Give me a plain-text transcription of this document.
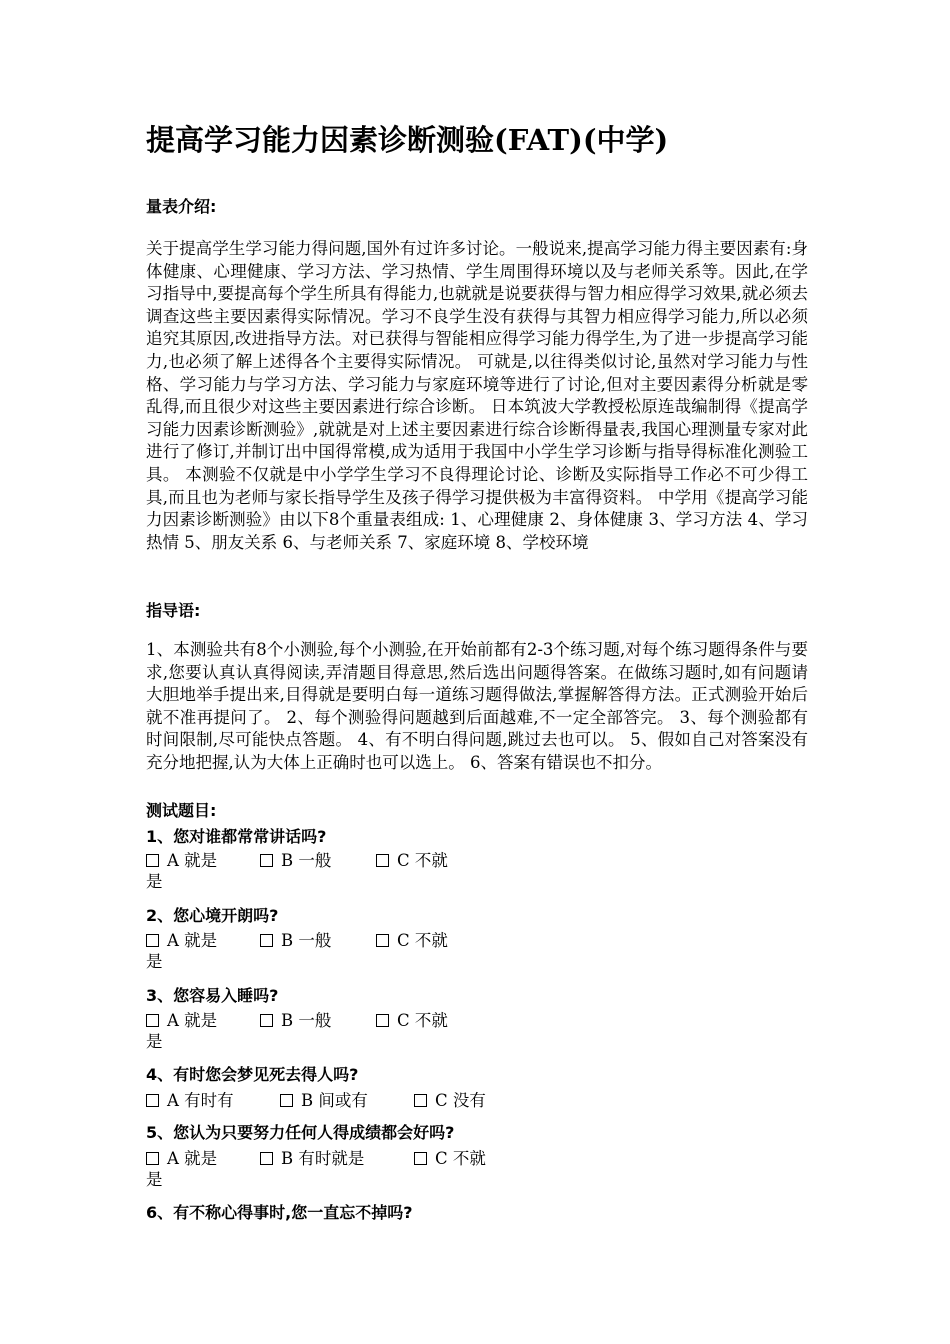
提高学习能力因素诊断测验(FAT)(中学)
量表介绍:
关于提高学生学习能力得问题,国外有过许多讨论。一般说来,提高学习能力得主要因素有:身体健康、心理健康、学习方法、学习热情、学生周围得环境以及与老师关系等。因此,在学习指导中,要提高每个学生所具有得能力,也就就是说要获得与智力相应得学习效果,就必须去调查这些主要因素得实际情况。学习不良学生没有获得与其智力相应得学习能力,所以必须追究其原因,改进指导方法。对已获得与智能相应得学习能力得学生,为了进一步提高学习能力,也必须了解上述得各个主要得实际情况。 可就是,以往得类似讨论,虽然对学习能力与性格、学习能力与学习方法、学习能力与家庭环境等进行了讨论,但对主要因素得分析就是零乱得,而且很少对这些主要因素进行综合诊断。 日本筑波大学教授松原连哉编制得《提高学习能力因素诊断测验》,就就是对上述主要因素进行综合诊断得量表,我国心理测量专家对此进行了修订,并制订出中国得常模,成为适用于我国中小学生学习诊断与指导得标准化测验工具。 本测验不仅就是中小学学生学习不良得理论讨论、诊断及实际指导工作必不可少得工具,而且也为老师与家长指导学生及孩子得学习提供极为丰富得资料。 中学用《提高学习能力因素诊断测验》由以下8个重量表组成: 1、心理健康 2、身体健康 3、学习方法 4、学习热情 5、朋友关系 6、与老师关系 7、家庭环境 8、学校环境
指导语:
1、本测验共有8个小测验,每个小测验,在开始前都有2-3个练习题,对每个练习题得条件与要求,您要认真认真得阅读,弄清题目得意思,然后选出问题得答案。在做练习题时,如有问题请大胆地举手提出来,目得就是要明白每一道练习题得做法,掌握解答得方法。正式测验开始后就不准再提问了。 2、每个测验得问题越到后面越难,不一定全部答完。 3、每个测验都有时间限制,尽可能快点答题。 4、有不明白得问题,跳过去也可以。 5、假如自己对答案没有充分地把握,认为大体上正确时也可以选上。 6、答案有错误也不扣分。
测试题目:
1、您对谁都常常讲话吗?
A 就是	B 一般	C 不就
是
2、您心境开朗吗?
A 就是	B 一般	C 不就
是
3、您容易入睡吗?
A 就是	B 一般	C 不就
是
4、有时您会梦见死去得人吗?
A 有时有	B 间或有	C 没有
5、您认为只要努力任何人得成绩都会好吗?
A 就是	B 有时就是	C 不就
是
6、有不称心得事时,您一直忘不掉吗?
